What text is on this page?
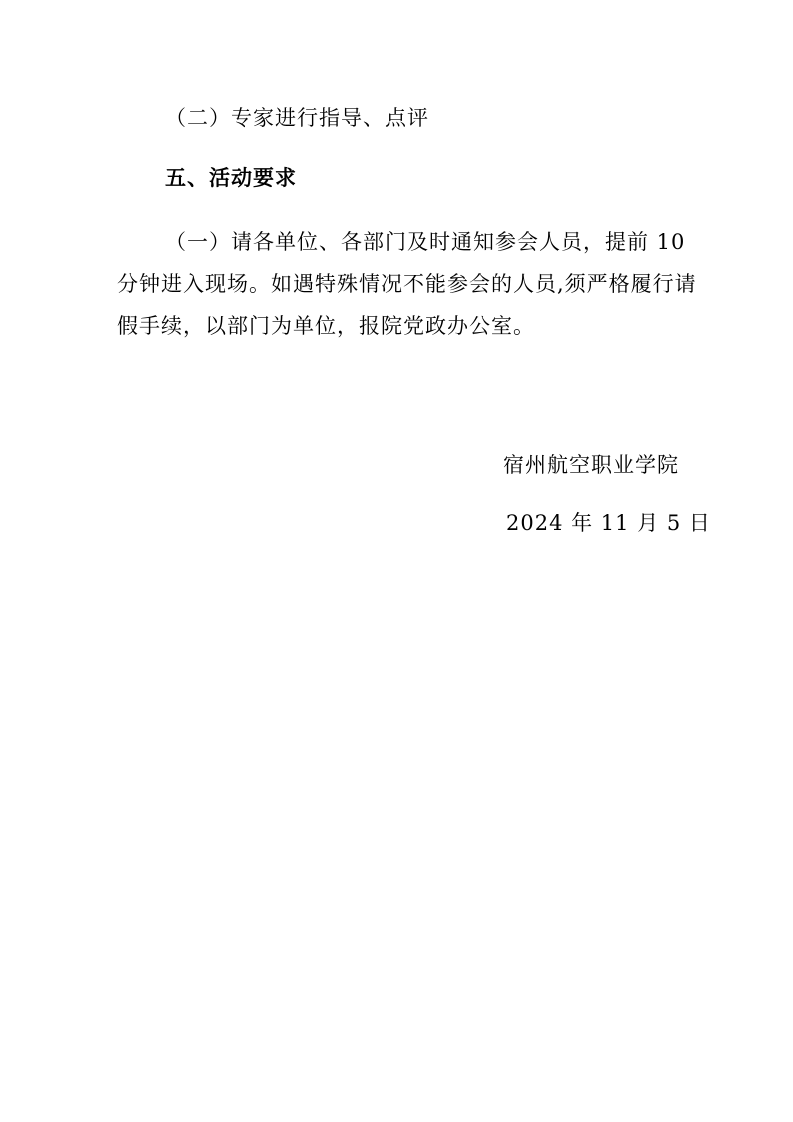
（二）专家进行指导、点评
五、活动要求
（一）请各单位、各部门及时通知参会人员，提前 10
分钟进入现场。如遇特殊情况不能参会的人员,须严格履行请
假手续，以部门为单位，报院党政办公室。
宿州航空职业学院
2024 年 11 月 5 日
